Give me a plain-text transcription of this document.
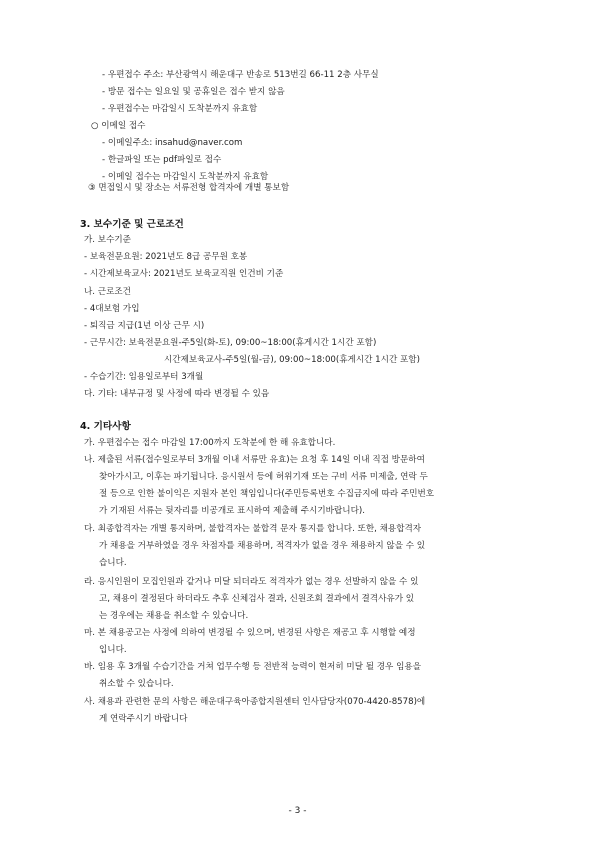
- 우편접수 주소: 부산광역시 해운대구 반송로 513번길 66-11 2층 사무실
- 방문 접수는 일요일 및 공휴일은 접수 받지 않음
- 우편접수는 마감일시 도착분까지 유효함
○ 이메일 접수
- 이메일주소: insahud@naver.com
- 한글파일 또는 pdf파일로 접수
- 이메일 접수는 마감일시 도착분까지 유효함
③ 면접일시 및 장소는 서류전형 합격자에 개별 통보함
3. 보수기준 및 근로조건
가. 보수기준
- 보육전문요원: 2021년도 8급 공무원 호봉
- 시간제보육교사: 2021년도 보육교직원 인건비 기준
나. 근로조건
- 4대보험 가입
- 퇴직금 지급(1년 이상 근무 시)
- 근무시간: 보육전문요원-주5일(화-토), 09:00~18:00(휴게시간 1시간 포함)
시간제보육교사-주5일(월-금), 09:00~18:00(휴게시간 1시간 포함)
- 수습기간: 임용일로부터 3개월
다. 기타: 내부규정 및 사정에 따라 변경될 수 있음
4. 기타사항
가. 우편접수는 접수 마감일 17:00까지 도착분에 한 해 유효합니다.
나. 제출된 서류(접수일로부터 3개월 이내 서류만 유효)는 요청 후 14일 이내 직접 방문하여
찾아가시고, 이후는 파기됩니다. 응시원서 등에 허위기재 또는 구비 서류 미제출, 연락 두
절 등으로 인한 불이익은 지원자 본인 책임입니다(주민등록번호 수집금지에 따라 주민번호
가 기재된 서류는 뒷자리를 비공개로 표시하여 제출해 주시기바랍니다).
다. 최종합격자는 개별 통지하며, 불합격자는 불합격 문자 통지를 합니다. 또한, 채용합격자
가 채용을 거부하였을 경우 차점자를 채용하며, 적격자가 없을 경우 채용하지 않을 수 있
습니다.
라. 응시인원이 모집인원과 같거나 미달 되더라도 적격자가 없는 경우 선발하지 않을 수 있
고, 채용이 결정된다 하더라도 추후 신체검사 결과, 신원조회 결과에서 결격사유가 있
는 경우에는 채용을 취소할 수 있습니다.
마. 본 채용공고는 사정에 의하여 변경될 수 있으며, 변경된 사항은 재공고 후 시행할 예정
입니다.
바. 임용 후 3개월 수습기간을 거쳐 업무수행 등 전반적 능력이 현저히 미달 될 경우 임용을
취소할 수 있습니다.
사. 채용과 관련한 문의 사항은 해운대구육아종합지원센터 인사담당자(070-4420-8578)에
게 연락주시기 바랍니다
- 3 -
